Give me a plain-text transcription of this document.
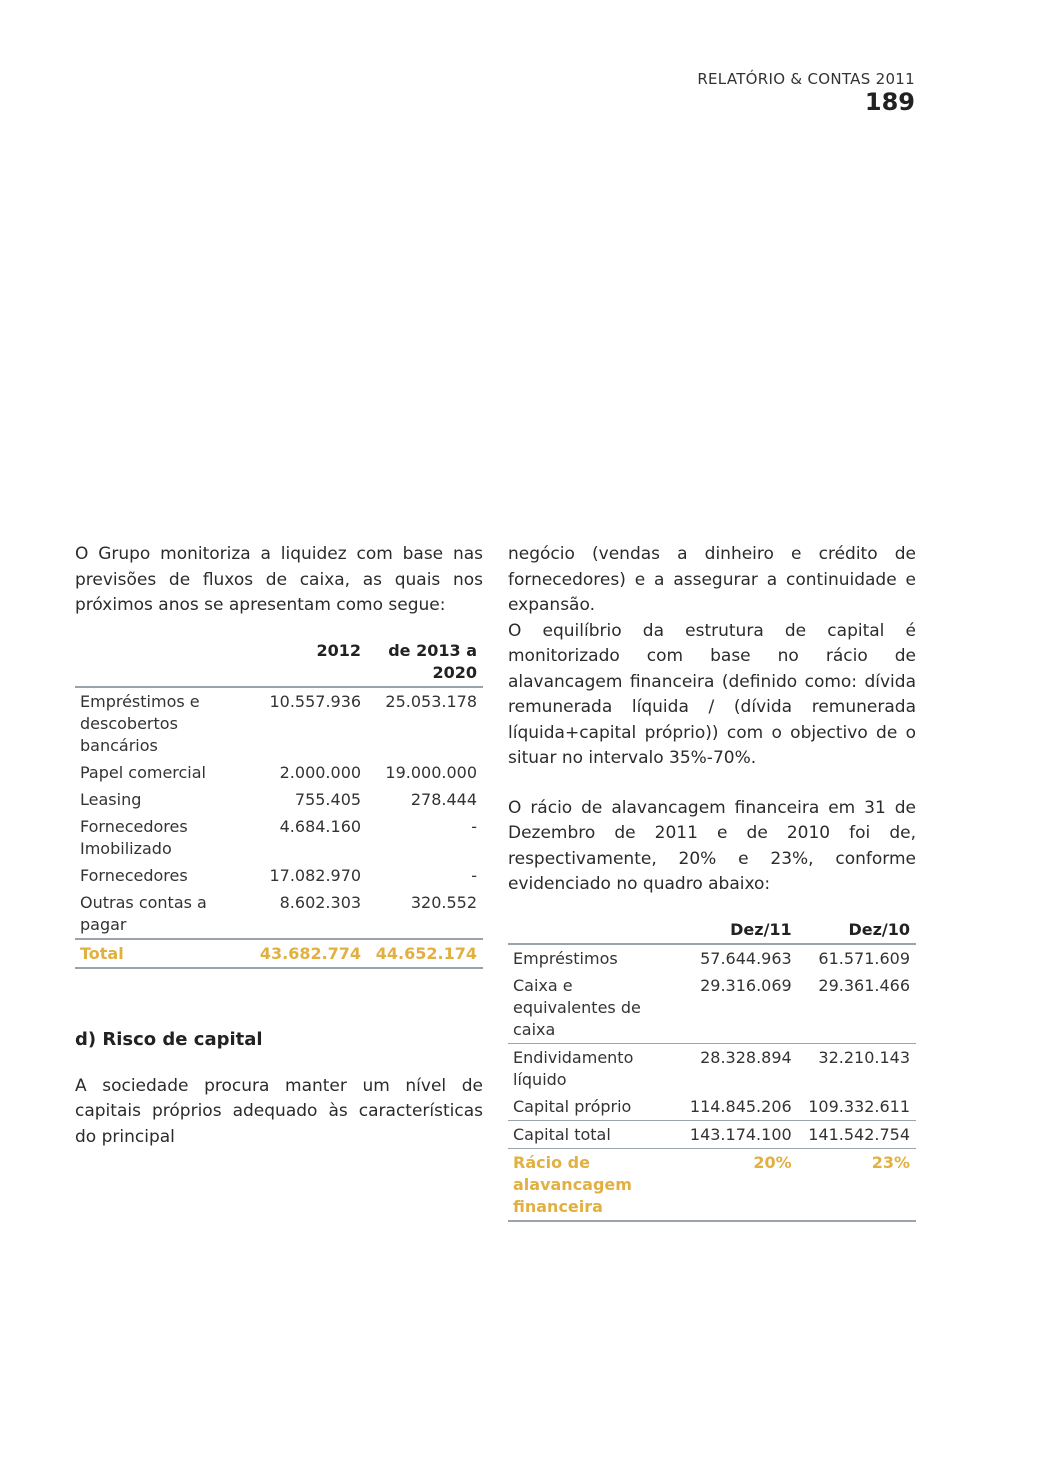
RELATÓRIO & CONTAS 2011
189

O Grupo monitoriza a liquidez com base nas previsões de fluxos de caixa, as quais nos próximos anos se apresentam como segue:

	2012	de 2013 a 2020
Empréstimos e descobertos bancários	10.557.936	25.053.178
Papel comercial	2.000.000	19.000.000
Leasing	755.405	278.444
Fornecedores Imobilizado	4.684.160	-
Fornecedores	17.082.970	-
Outras contas a pagar	8.602.303	320.552
Total	43.682.774	44.652.174
d) Risco de capital

A sociedade procura manter um nível de capitais próprios adequado às características do principal

negócio (vendas a dinheiro e crédito de fornecedores) e a assegurar a continuidade e expansão.

O equilíbrio da estrutura de capital é monitorizado com base no rácio de alavancagem financeira (definido como: dívida remunerada líquida / (dívida remunerada líquida+capital próprio)) com o objectivo de o situar no intervalo 35%-70%.

O rácio de alavancagem financeira em 31 de Dezembro de 2011 e de 2010 foi de, respectivamente, 20% e 23%, conforme evidenciado no quadro abaixo:

	Dez/11	Dez/10
Empréstimos	57.644.963	61.571.609
Caixa e equivalentes de caixa	29.316.069	29.361.466
Endividamento líquido	28.328.894	32.210.143
Capital próprio	114.845.206	109.332.611
Capital total	143.174.100	141.542.754
Rácio de alavancagem financeira	20%	23%
